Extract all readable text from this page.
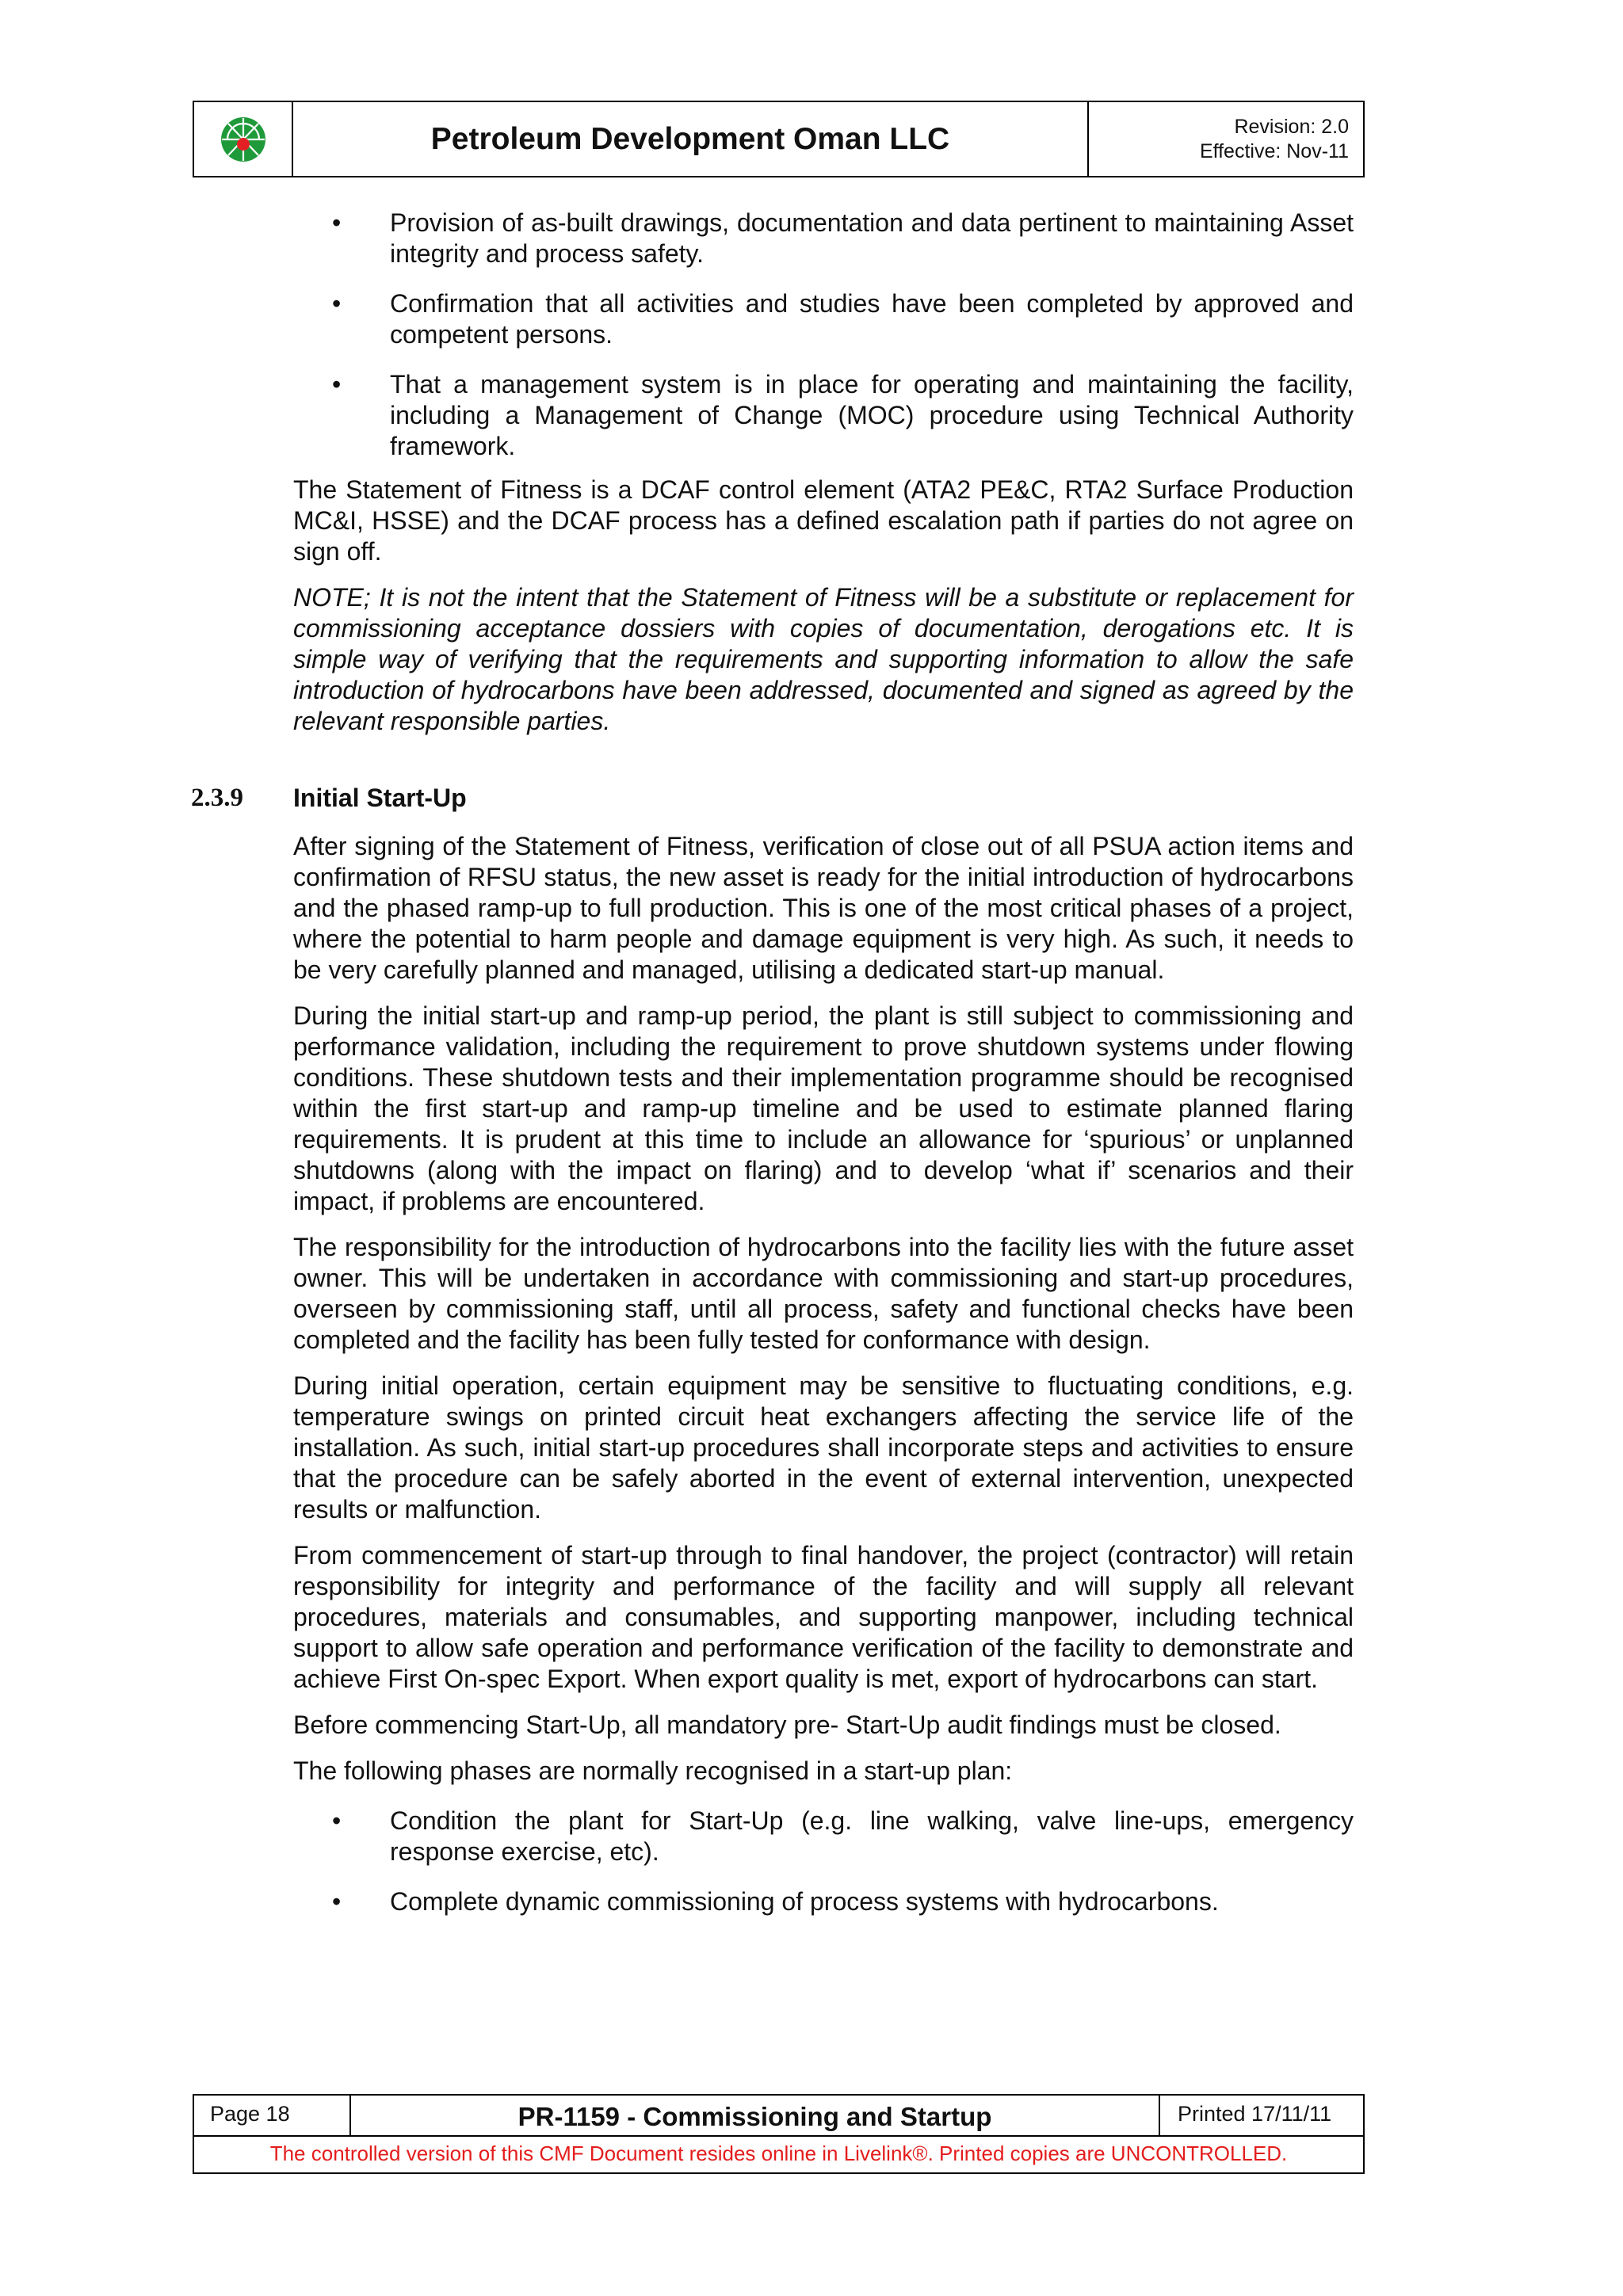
Petroleum Development Oman LLC	Revision: 2.0
Effective: Nov-11
• Provision of as-built drawings, documentation and data pertinent to maintaining Asset integrity and process safety.
• Confirmation that all activities and studies have been completed by approved and competent persons.
• That a management system is in place for operating and maintaining the facility, including a Management of Change (MOC) procedure using Technical Authority framework.

The Statement of Fitness is a DCAF control element (ATA2 PE&C, RTA2 Surface Production MC&I, HSSE) and the DCAF process has a defined escalation path if parties do not agree on sign off.

NOTE; It is not the intent that the Statement of Fitness will be a substitute or replacement for commissioning acceptance dossiers with copies of documentation, derogations etc. It is simple way of verifying that the requirements and supporting information to allow the safe introduction of hydrocarbons have been addressed, documented and signed as agreed by the relevant responsible parties.

2.3.9 Initial Start-Up

After signing of the Statement of Fitness, verification of close out of all PSUA action items and confirmation of RFSU status, the new asset is ready for the initial introduction of hydrocarbons and the phased ramp-up to full production. This is one of the most critical phases of a project, where the potential to harm people and damage equipment is very high. As such, it needs to be very carefully planned and managed, utilising a dedicated start-up manual.

During the initial start-up and ramp-up period, the plant is still subject to commissioning and performance validation, including the requirement to prove shutdown systems under flowing conditions. These shutdown tests and their implementation programme should be recognised within the first start-up and ramp-up timeline and be used to estimate planned flaring requirements. It is prudent at this time to include an allowance for ‘spurious’ or unplanned shutdowns (along with the impact on flaring) and to develop ‘what if’ scenarios and their impact, if problems are encountered.

The responsibility for the introduction of hydrocarbons into the facility lies with the future asset owner. This will be undertaken in accordance with commissioning and start-up procedures, overseen by commissioning staff, until all process, safety and functional checks have been completed and the facility has been fully tested for conformance with design.

During initial operation, certain equipment may be sensitive to fluctuating conditions, e.g. temperature swings on printed circuit heat exchangers affecting the service life of the installation. As such, initial start-up procedures shall incorporate steps and activities to ensure that the procedure can be safely aborted in the event of external intervention, unexpected results or malfunction.

From commencement of start-up through to final handover, the project (contractor) will retain responsibility for integrity and performance of the facility and will supply all relevant procedures, materials and consumables, and supporting manpower, including technical support to allow safe operation and performance verification of the facility to demonstrate and achieve First On-spec Export. When export quality is met, export of hydrocarbons can start.

Before commencing Start-Up, all mandatory pre- Start-Up audit findings must be closed.

The following phases are normally recognised in a start-up plan:

• Condition the plant for Start-Up (e.g. line walking, valve line-ups, emergency response exercise, etc).
• Complete dynamic commissioning of process systems with hydrocarbons.
Page 18	PR-1159 - Commissioning and Startup	Printed 17/11/11
The controlled version of this CMF Document resides online in Livelink®. Printed copies are UNCONTROLLED.
